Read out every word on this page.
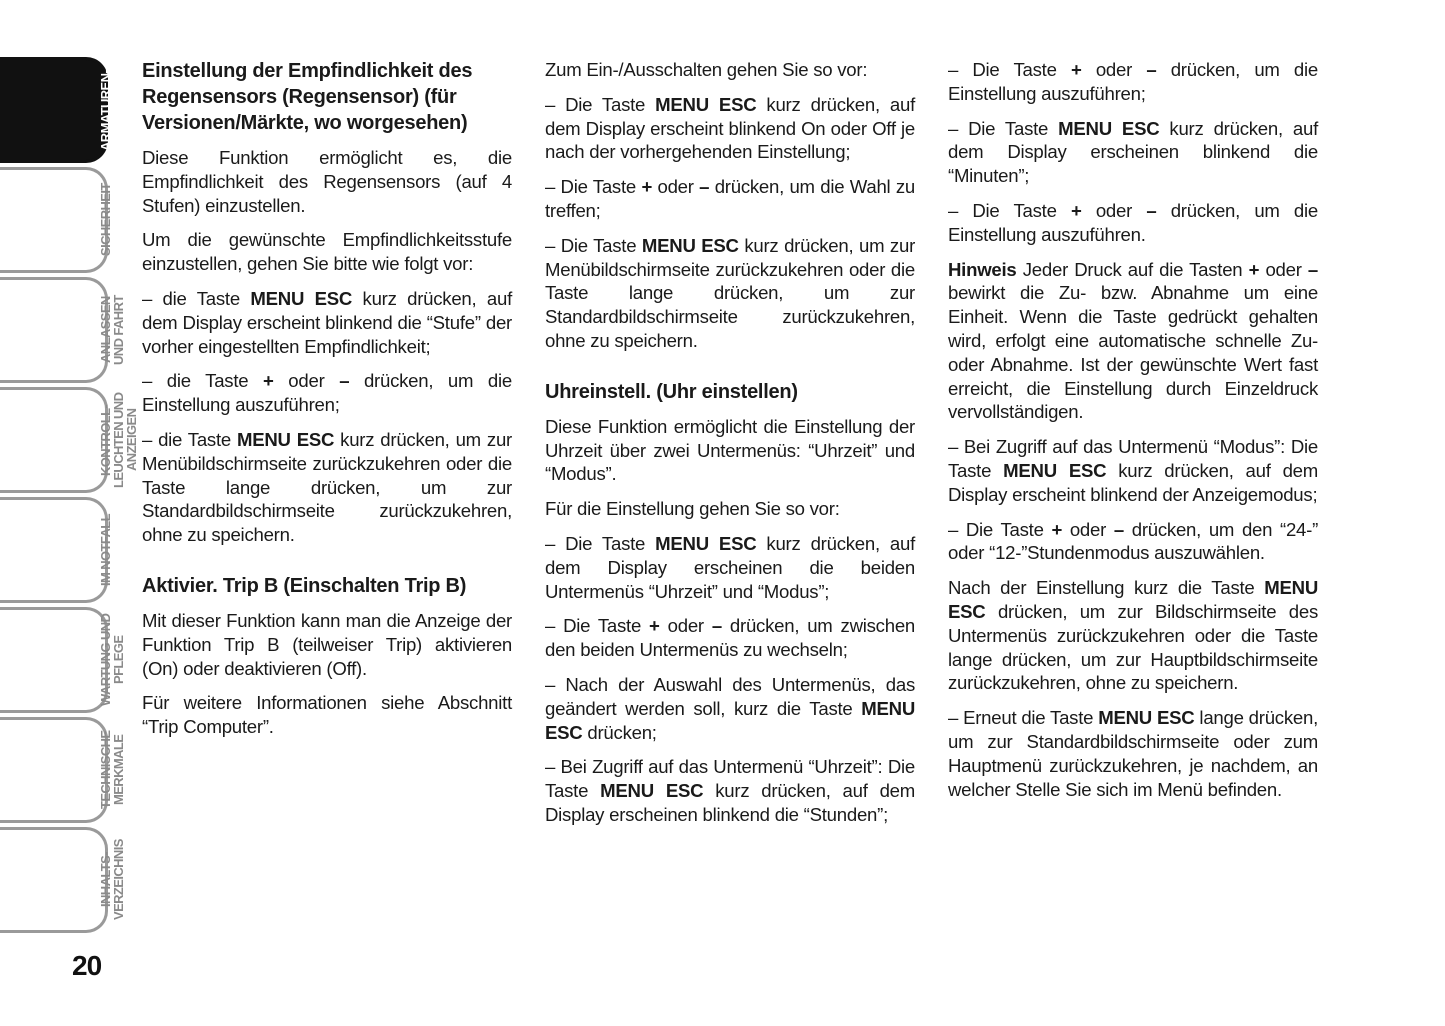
ARMATUREN-
BRETT UND
BEDIENELEMENTE
SICHERHEIT
ANLASSEN
UND FAHRT
KONTROLL-
LEUCHTEN UND
ANZEIGEN
IM NOTFALL
WARTUNG UND
PFLEGE
TECHNISCHE
MERKMALE
INHALTS-
VERZEICHNIS
20
Einstellung der Empfindlichkeit des Regensensors (Regensensor) (für Versionen/Märkte, wo worgesehen)

Diese Funktion ermöglicht es, die Empfindlichkeit des Regensensors (auf 4 Stufen) einzustellen.

Um die gewünschte Empfindlichkeitsstufe einzustellen, gehen Sie bitte wie folgt vor:

– die Taste MENU ESC kurz drücken, auf dem Display erscheint blinkend die “Stufe” der vorher eingestellten Empfindlichkeit;

– die Taste + oder – drücken, um die Einstellung auszuführen;

– die Taste MENU ESC kurz drücken, um zur Menübildschirmseite zurückzukehren oder die Taste lange drücken, um zur Standardbildschirmseite zurückzukehren, ohne zu speichern.

Aktivier. Trip B (Einschalten Trip B)

Mit dieser Funktion kann man die Anzeige der Funktion Trip B (teilweiser Trip) aktivieren (On) oder deaktivieren (Off).

Für weitere Informationen siehe Abschnitt “Trip Computer”.

Zum Ein-/Ausschalten gehen Sie so vor:

– Die Taste MENU ESC kurz drücken, auf dem Display erscheint blinkend On oder Off je nach der vorhergehenden Einstellung;

– Die Taste + oder – drücken, um die Wahl zu treffen;

– Die Taste MENU ESC kurz drücken, um zur Menübildschirmseite zurückzukehren oder die Taste lange drücken, um zur Standardbildschirmseite zurückzukehren, ohne zu speichern.

Uhreinstell. (Uhr einstellen)

Diese Funktion ermöglicht die Einstellung der Uhrzeit über zwei Untermenüs: “Uhrzeit” und “Modus”.

Für die Einstellung gehen Sie so vor:

– Die Taste MENU ESC kurz drücken, auf dem Display erscheinen die beiden Untermenüs “Uhrzeit” und “Modus”;

– Die Taste + oder – drücken, um zwischen den beiden Untermenüs zu wechseln;

– Nach der Auswahl des Untermenüs, das geändert werden soll, kurz die Taste MENU ESC drücken;

– Bei Zugriff auf das Untermenü “Uhrzeit”: Die Taste MENU ESC kurz drücken, auf dem Display erscheinen blinkend die “Stunden”;

– Die Taste + oder – drücken, um die Einstellung auszuführen;

– Die Taste MENU ESC kurz drücken, auf dem Display erscheinen blinkend die “Minuten”;

– Die Taste + oder – drücken, um die Einstellung auszuführen.

Hinweis Jeder Druck auf die Tasten + oder – bewirkt die Zu- bzw. Abnahme um eine Einheit. Wenn die Taste gedrückt gehalten wird, erfolgt eine automatische schnelle Zu- oder Abnahme. Ist der gewünschte Wert fast erreicht, die Einstellung durch Einzeldruck vervollständigen.

– Bei Zugriff auf das Untermenü “Modus”: Die Taste MENU ESC kurz drücken, auf dem Display erscheint blinkend der Anzeigemodus;

– Die Taste + oder – drücken, um den “24-” oder “12-”Stundenmodus auszuwählen.

Nach der Einstellung kurz die Taste MENU ESC drücken, um zur Bildschirmseite des Untermenüs zurückzukehren oder die Taste lange drücken, um zur Hauptbildschirmseite zurückzukehren, ohne zu speichern.

– Erneut die Taste MENU ESC lange drücken, um zur Standardbildschirmseite oder zum Hauptmenü zurückzukehren, je nachdem, an welcher Stelle Sie sich im Menü befinden.
